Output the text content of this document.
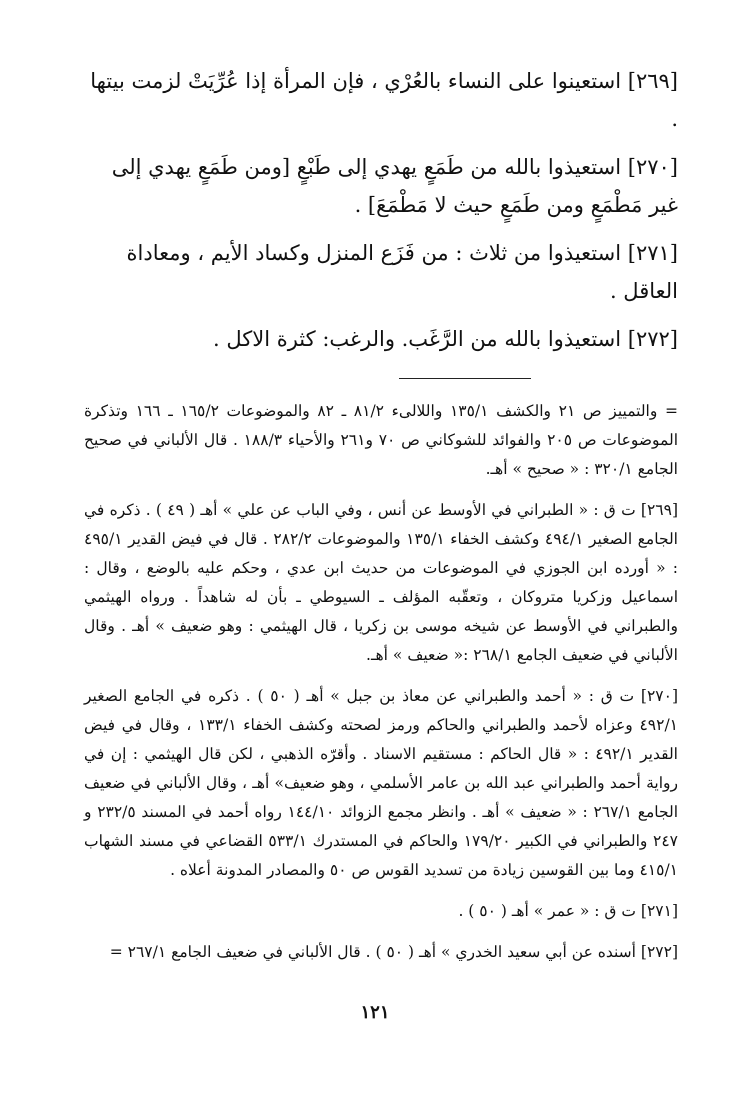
[٢٦٩] استعينوا على النساء بالعُرْي ، فإن المرأة إذا عُرِّيَتْ لزمت بيتها .

[٢٧٠] استعيذوا بالله من طَمَعٍ يهدي إلى طَبْعٍ [ومن طَمَعٍ يهدي إلى غير مَطْمَعٍ ومن طَمَعٍ حيث لا مَطْمَعَ] .

[٢٧١] استعيذوا من ثلاث : من فَزَع المنزل وكساد الأيم ، ومعاداة العاقل .

[٢٧٢] استعيذوا بالله من الرَّغَب. والرغب: كثرة الاكل .

= والتمييز ص ٢١ والكشف ١٣٥/١ واللالىء ٨١/٢ ـ ٨٢ والموضوعات ١٦٥/٢ ـ ١٦٦ وتذكرة الموضوعات ص ٢٠٥ والفوائد للشوكاني ص ٧٠ و٢٦١ والأحياء ١٨٨/٣ . قال الألباني في صحيح الجامع ٣٢٠/١ : « صحيح » أهـ.

[٢٦٩] ت ق : « الطبراني في الأوسط عن أنس ، وفي الباب عن علي » أهـ ( ٤٩ ) . ذكره في الجامع الصغير ٤٩٤/١ وكشف الخفاء ١٣٥/١ والموضوعات ٢٨٢/٢ . قال في فيض القدير ٤٩٥/١ : « أورده ابن الجوزي في الموضوعات من حديث ابن عدي ، وحكم عليه بالوضع ، وقال : اسماعيل وزكريا متروكان ، وتعقّبه المؤلف ـ السيوطي ـ بأن له شاهداً . ورواه الهيثمي والطبراني في الأوسط عن شيخه موسى بن زكريا ، قال الهيثمي : وهو ضعيف » أهـ . وقال الألباني في ضعيف الجامع ٢٦٨/١ :« ضعيف » أهـ.

[٢٧٠] ت ق : « أحمد والطبراني عن معاذ بن جبل » أهـ ( ٥٠ ) . ذكره في الجامع الصغير ٤٩٢/١ وعزاه لأحمد والطبراني والحاكم ورمز لصحته وكشف الخفاء ١٣٣/١ ، وقال في فيض القدير ٤٩٢/١ : « قال الحاكم : مستقيم الاسناد . وأقرّه الذهبي ، لكن قال الهيثمي : إن في رواية أحمد والطبراني عبد الله بن عامر الأسلمي ، وهو ضعيف» أهـ ، وقال الألباني في ضعيف الجامع ٢٦٧/١ : « ضعيف » أهـ . وانظر مجمع الزوائد ١٤٤/١٠ رواه أحمد في المسند ٢٣٢/٥ و ٢٤٧ والطبراني في الكبير ١٧٩/٢٠ والحاكم في المستدرك ٥٣٣/١ القضاعي في مسند الشهاب ٤١٥/١ وما بين القوسين زيادة من تسديد القوس ص ٥٠ والمصادر المدونة أعلاه .

[٢٧١] ت ق : « عمر » أهـ ( ٥٠ ) .

[٢٧٢] أسنده عن أبي سعيد الخدري » أهـ ( ٥٠ ) . قال الألباني في ضعيف الجامع ٢٦٧/١ =

١٢١
